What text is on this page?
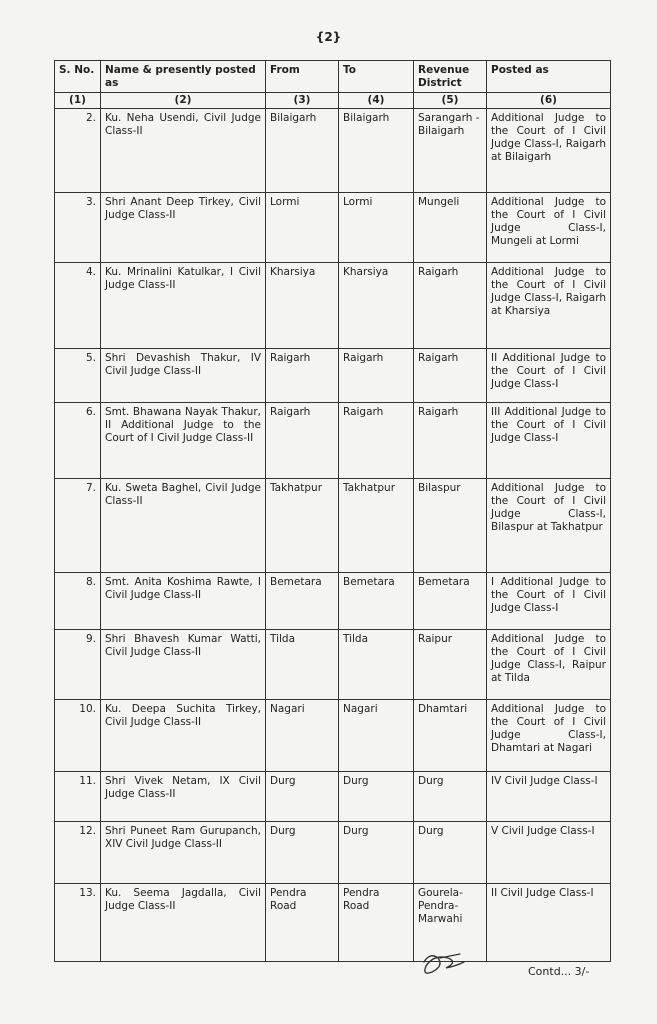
{2}
S. No.	Name & presently posted as	From	To	Revenue District	Posted as
(1)	(2)	(3)	(4)	(5)	(6)
2.	Ku. Neha Usendi, Civil Judge Class-II	Bilaigarh	Bilaigarh	Sarangarh -Bilaigarh	Additional Judge to the Court of I Civil Judge Class-I, Raigarh at Bilaigarh
3.	Shri Anant Deep Tirkey, Civil Judge Class-II	Lormi	Lormi	Mungeli	Additional Judge to the Court of I Civil Judge Class-I, Mungeli at Lormi
4.	Ku. Mrinalini Katulkar, I Civil Judge Class-II	Kharsiya	Kharsiya	Raigarh	Additional Judge to the Court of I Civil Judge Class-I, Raigarh at Kharsiya
5.	Shri Devashish Thakur, IV Civil Judge Class-II	Raigarh	Raigarh	Raigarh	II Additional Judge to the Court of I Civil Judge Class-I
6.	Smt. Bhawana Nayak Thakur, II Additional Judge to the Court of I Civil Judge Class-II	Raigarh	Raigarh	Raigarh	III Additional Judge to the Court of I Civil Judge Class-I
7.	Ku. Sweta Baghel, Civil Judge Class-II	Takhatpur	Takhatpur	Bilaspur	Additional Judge to the Court of I Civil Judge Class-I, Bilaspur at Takhatpur
8.	Smt. Anita Koshima Rawte, I Civil Judge Class-II	Bemetara	Bemetara	Bemetara	I Additional Judge to the Court of I Civil Judge Class-I
9.	Shri Bhavesh Kumar Watti, Civil Judge Class-II	Tilda	Tilda	Raipur	Additional Judge to the Court of I Civil Judge Class-I, Raipur at Tilda
10.	Ku. Deepa Suchita Tirkey, Civil Judge Class-II	Nagari	Nagari	Dhamtari	Additional Judge to the Court of I Civil Judge Class-I, Dhamtari at Nagari
11.	Shri Vivek Netam, IX Civil Judge Class-II	Durg	Durg	Durg	IV Civil Judge Class-I
12.	Shri Puneet Ram Gurupanch, XIV Civil Judge Class-II	Durg	Durg	Durg	V Civil Judge Class-I
13.	Ku. Seema Jagdalla, Civil Judge Class-II	Pendra Road	Pendra Road	Gourela-Pendra-Marwahi	II Civil Judge Class-I
Contd... 3/-
